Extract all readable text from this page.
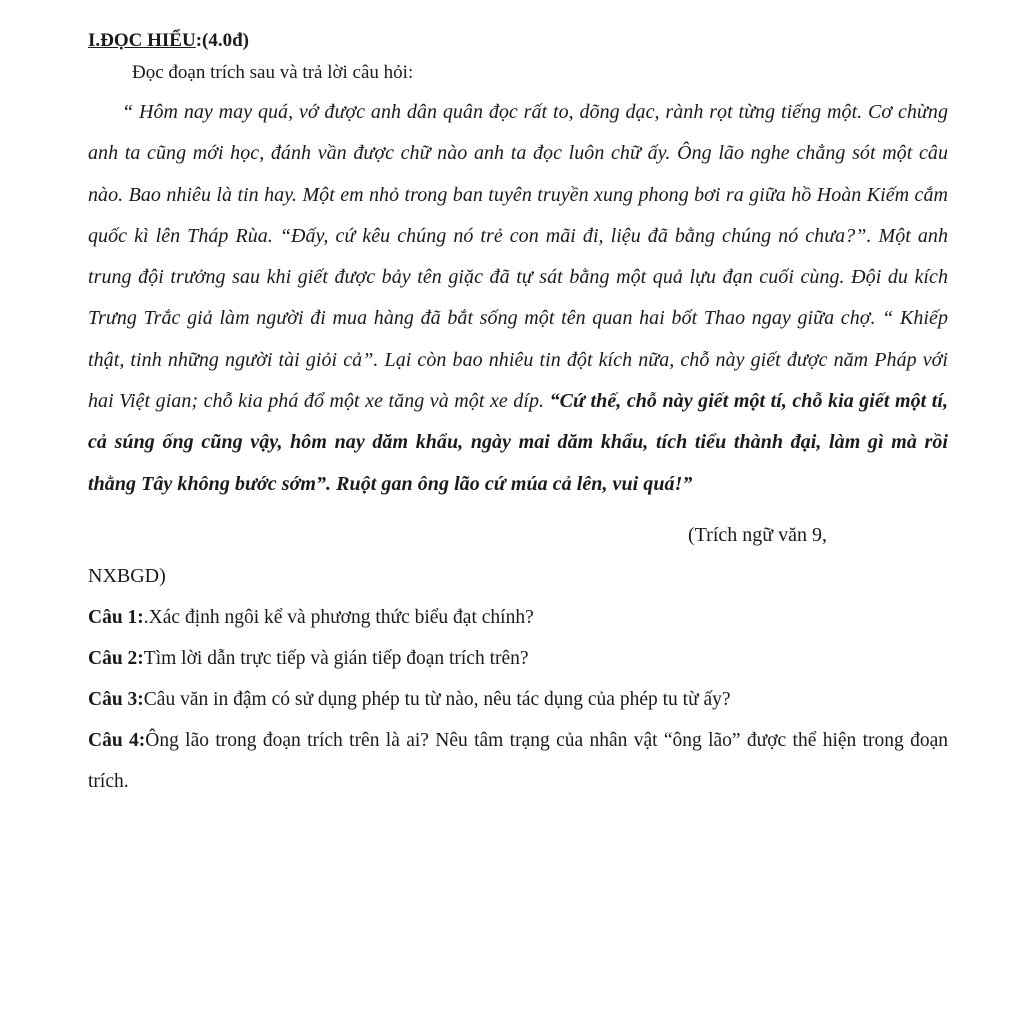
I.ĐỌC HIỂU:(4.0đ)

Đọc đoạn trích sau và trả lời câu hỏi:

“ Hôm nay may quá, vớ được anh dân quân đọc rất to, dõng dạc, rành rọt từng tiếng một. Cơ chừng anh ta cũng mới học, đánh vần được chữ nào anh ta đọc luôn chữ ấy. Ông lão nghe chẳng sót một câu nào. Bao nhiêu là tin hay. Một em nhỏ trong ban tuyên truyền xung phong bơi ra giữa hồ Hoàn Kiếm cắm quốc kì lên Tháp Rùa. “Đấy, cứ kêu chúng nó trẻ con mãi đi, liệu đã bằng chúng nó chưa?”. Một anh trung đội trưởng sau khi giết được bảy tên giặc đã tự sát bằng một quả lựu đạn cuối cùng. Đội du kích Trưng Trắc giả làm người đi mua hàng đã bắt sống một tên quan hai bốt Thao ngay giữa chợ. “ Khiếp thật, tinh những người tài giỏi cả”. Lại còn bao nhiêu tin đột kích nữa, chỗ này giết được năm Pháp với hai Việt gian; chỗ kia phá đổ một xe tăng và một xe díp. “Cứ thế, chỗ này giết một tí, chỗ kia giết một tí, cả súng ống cũng vậy, hôm nay dăm khẩu, ngày mai dăm khẩu, tích tiểu thành đại, làm gì mà rồi thằng Tây không bước sớm”. Ruột gan ông lão cứ múa cả lên, vui quá!”

(Trích ngữ văn 9,
NXBGD)

Câu 1:.Xác định ngôi kể và phương thức biểu đạt chính?
Câu 2:Tìm lời dẫn trực tiếp và gián tiếp đoạn trích trên?
Câu 3:Câu văn in đậm có sử dụng phép tu từ nào, nêu tác dụng của phép tu từ ấy?
Câu 4:Ông lão trong đoạn trích trên là ai? Nêu tâm trạng của nhân vật “ông lão” được thể hiện trong đoạn trích.
